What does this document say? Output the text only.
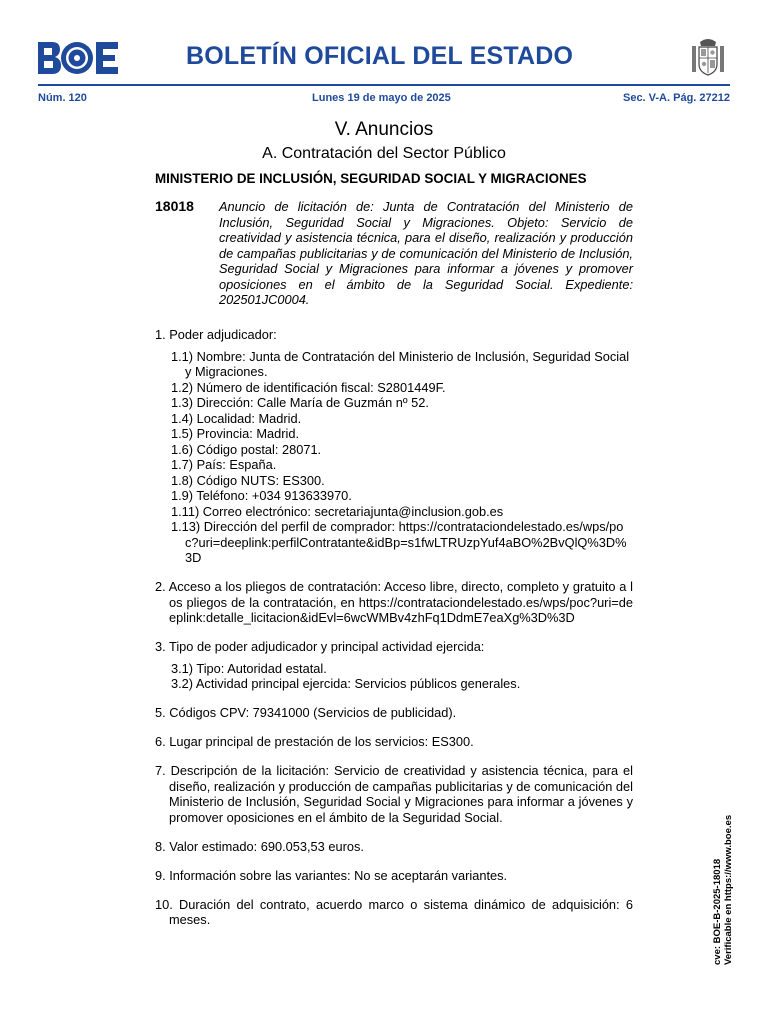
BOLETÍN OFICIAL DEL ESTADO
Núm. 120	Lunes 19 de mayo de 2025	Sec. V-A. Pág. 27212
V. Anuncios
A. Contratación del Sector Público
MINISTERIO DE INCLUSIÓN, SEGURIDAD SOCIAL Y MIGRACIONES
18018 Anuncio de licitación de: Junta de Contratación del Ministerio de Inclusión, Seguridad Social y Migraciones. Objeto: Servicio de creatividad y asistencia técnica, para el diseño, realización y producción de campañas publicitarias y de comunicación del Ministerio de Inclusión, Seguridad Social y Migraciones para informar a jóvenes y promover oposiciones en el ámbito de la Seguridad Social. Expediente: 202501JC0004.
1. Poder adjudicador:

1.1) Nombre: Junta de Contratación del Ministerio de Inclusión, Seguridad Social y Migraciones.

1.2) Número de identificación fiscal: S2801449F.

1.3) Dirección: Calle María de Guzmán nº 52.

1.4) Localidad: Madrid.

1.5) Provincia: Madrid.

1.6) Código postal: 28071.

1.7) País: España.

1.8) Código NUTS: ES300.

1.9) Teléfono: +034 913633970.

1.11) Correo electrónico: secretariajunta@inclusion.gob.es

1.13) Dirección del perfil de comprador: https://contrataciondelestado.es/wps/poc?uri=deeplink:perfilContratante&idBp=s1fwLTRUzpYuf4aBO%2BvQlQ%3D%3D

2. Acceso a los pliegos de contratación: Acceso libre, directo, completo y gratuito a los pliegos de la contratación, en https://contrataciondelestado.es/wps/poc?uri=deeplink:detalle_licitacion&idEvl=6wcWMBv4zhFq1DdmE7eaXg%3D%3D

3. Tipo de poder adjudicador y principal actividad ejercida:

3.1) Tipo: Autoridad estatal.

3.2) Actividad principal ejercida: Servicios públicos generales.

5. Códigos CPV: 79341000 (Servicios de publicidad).

6. Lugar principal de prestación de los servicios: ES300.

7. Descripción de la licitación: Servicio de creatividad y asistencia técnica, para el diseño, realización y producción de campañas publicitarias y de comunicación del Ministerio de Inclusión, Seguridad Social y Migraciones para informar a jóvenes y promover oposiciones en el ámbito de la Seguridad Social.

8. Valor estimado: 690.053,53 euros.

9. Información sobre las variantes: No se aceptarán variantes.

10. Duración del contrato, acuerdo marco o sistema dinámico de adquisición: 6 meses.	cve: BOE-B-2025-18018 Verificable en https://www.boe.es
